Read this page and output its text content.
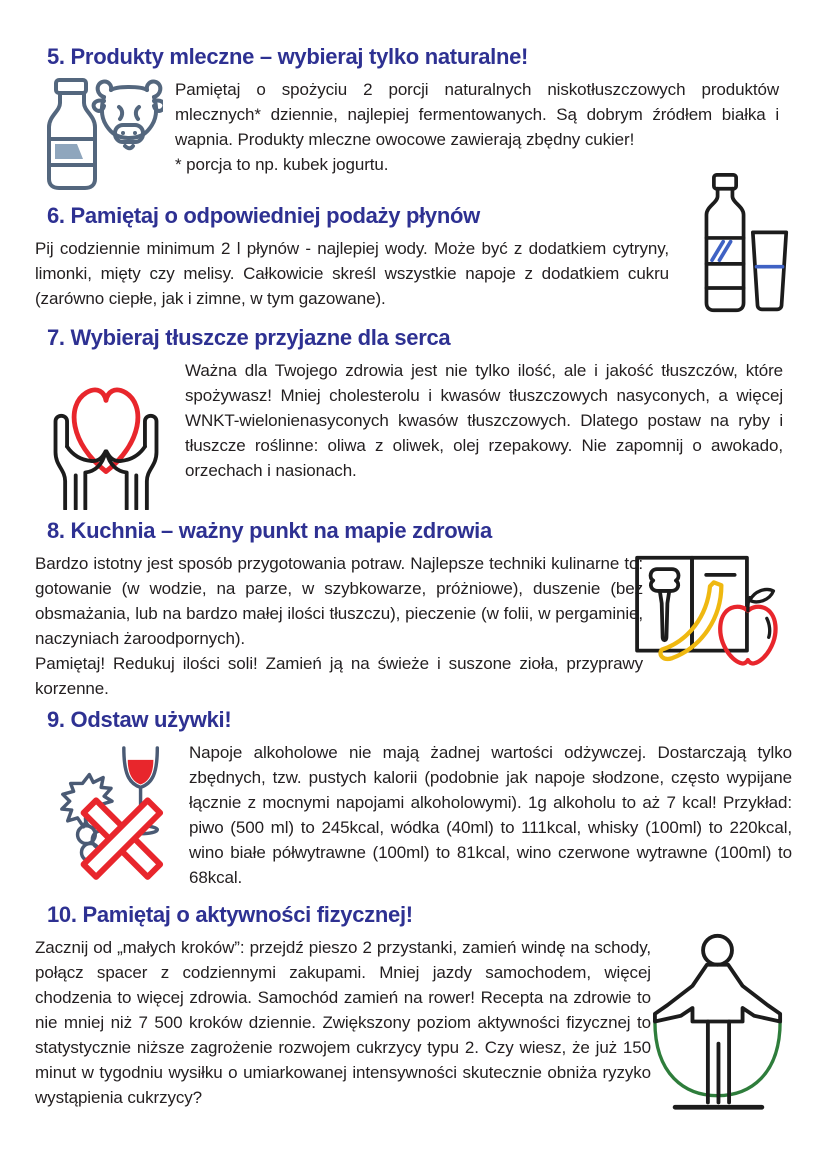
5. Produkty mleczne – wybieraj tylko naturalne!

Pamiętaj o spożyciu 2 porcji naturalnych niskotłuszczowych produktów mlecznych* dziennie, najlepiej fermentowanych. Są dobrym źródłem białka i wapnia. Produkty mleczne owocowe zawierają zbędny cukier!

* porcja to np. kubek jogurtu.

6. Pamiętaj o odpowiedniej podaży płynów

Pij codziennie minimum 2 l płynów - najlepiej wody. Może być z dodatkiem cytryny, limonki, mięty czy melisy. Całkowicie skreśl wszystkie napoje z dodatkiem cukru (zarówno ciepłe, jak i zimne, w tym gazowane).

7. Wybieraj tłuszcze przyjazne dla serca

Ważna dla Twojego zdrowia jest nie tylko ilość, ale i jakość tłuszczów, które spożywasz! Mniej cholesterolu i kwasów tłuszczowych nasyconych, a więcej WNKT-wielonienasyconych kwasów tłuszczowych. Dlatego postaw na ryby i tłuszcze roślinne: oliwa z oliwek, olej rzepakowy. Nie zapomnij o awokado, orzechach i nasionach.

8. Kuchnia – ważny punkt na mapie zdrowia

Bardzo istotny jest sposób przygotowania potraw. Najlepsze techniki kulinarne to: gotowanie (w wodzie, na parze, w szybkowarze, próżniowe), duszenie (bez obsmażania, lub na bardzo małej ilości tłuszczu), pieczenie (w folii, w pergaminie, naczyniach żaroodpornych).

Pamiętaj! Redukuj ilości soli! Zamień ją na świeże i suszone zioła, przyprawy korzenne.

9. Odstaw używki!

Napoje alkoholowe nie mają żadnej wartości odżywczej. Dostarczają tylko zbędnych, tzw. pustych kalorii (podobnie jak napoje słodzone, często wypijane łącznie z mocnymi napojami alkoholowymi). 1g alkoholu to aż 7 kcal! Przykład: piwo (500 ml) to 245kcal, wódka (40ml) to 111kcal, whisky (100ml) to 220kcal, wino białe półwytrawne (100ml) to 81kcal, wino czerwone wytrawne (100ml) to 68kcal.

10. Pamiętaj o aktywności fizycznej!

Zacznij od „małych kroków”: przejdź pieszo 2 przystanki, zamień windę na schody, połącz spacer z codziennymi zakupami. Mniej jazdy samochodem, więcej chodzenia to więcej zdrowia. Samochód zamień na rower! Recepta na zdrowie to nie mniej niż 7 500 kroków dziennie. Zwiększony poziom aktywności fizycznej to statystycznie niższe zagrożenie rozwojem cukrzycy typu 2. Czy wiesz, że już 150 minut w tygodniu wysiłku o umiarkowanej intensywności skutecznie obniża ryzyko wystąpienia cukrzycy?
